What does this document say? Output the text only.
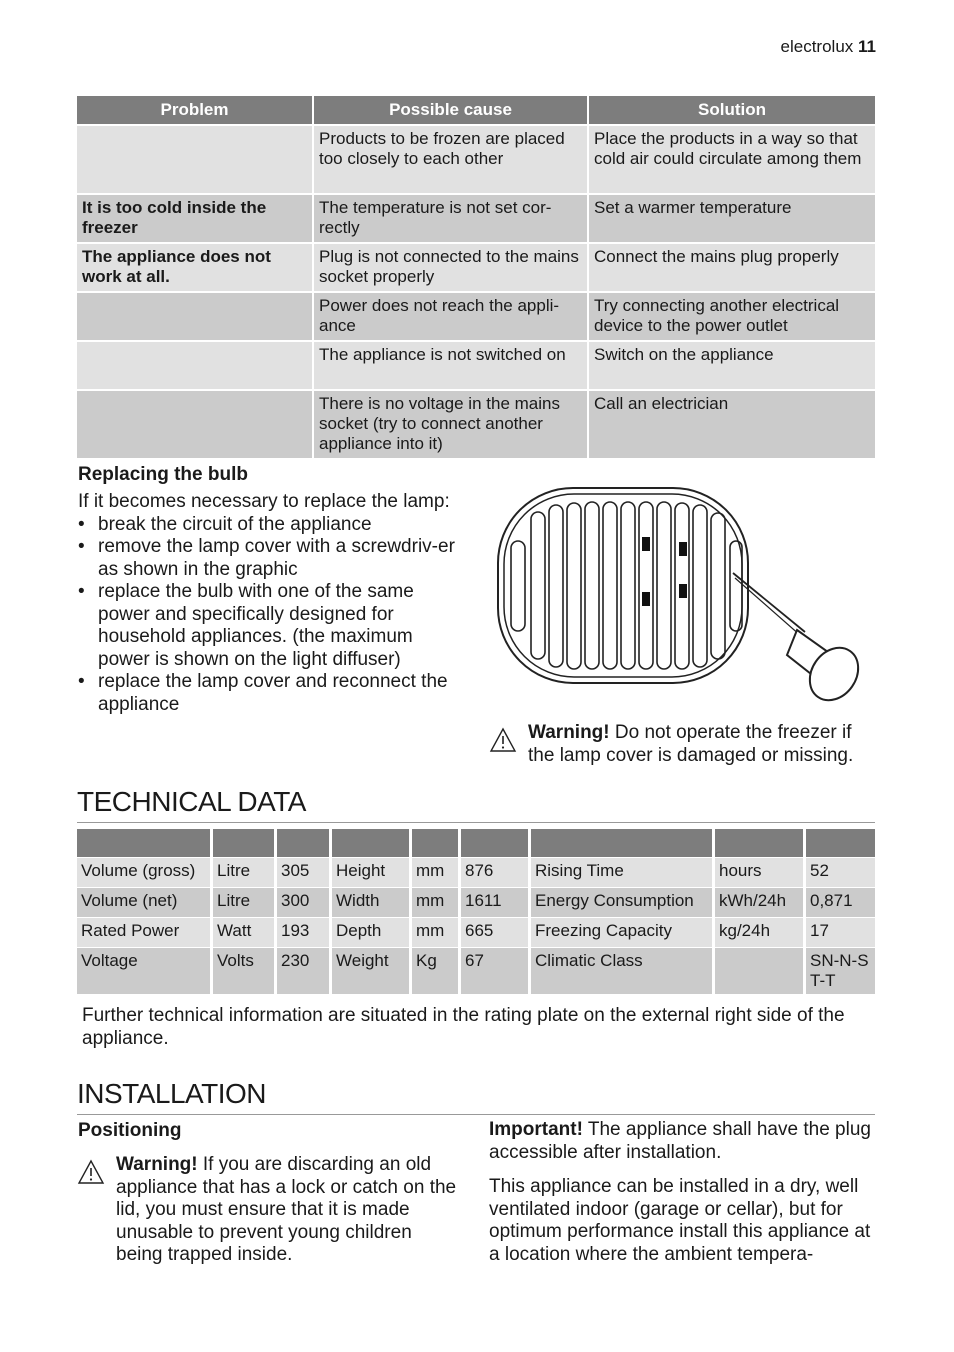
electrolux 11
Problem	Possible cause	Solution
	Products to be frozen are placed too closely to each other	Place the products in a way so that cold air could circulate among them
It is too cold inside the freezer	The temperature is not set cor-rectly	Set a warmer temperature
The appliance does not work at all.	Plug is not connected to the mains socket properly	Connect the mains plug properly
	Power does not reach the appli-ance	Try connecting another electrical device to the power outlet
	The appliance is not switched on	Switch on the appliance
	There is no voltage in the mains socket (try to connect another appliance into it)	Call an electrician
Replacing the bulb
If it becomes necessary to replace the lamp:
• break the circuit of the appliance
• remove the lamp cover with a screwdriv-er as shown in the graphic
• replace the bulb with one of the same power and specifically designed for household appliances. (the maximum power is shown on the light diffuser)
• replace the lamp cover and reconnect the appliance
Warning! Do not operate the freezer if the lamp cover is damaged or missing.
TECHNICAL DATA

Volume (gross)	Litre	305	Height	mm	876	Rising Time	hours	52
Volume (net)	Litre	300	Width	mm	1611	Energy Consumption	kWh/24h	0,871
Rated Power	Watt	193	Depth	mm	665	Freezing Capacity	kg/24h	17
Voltage	Volts	230	Weight	Kg	67	Climatic Class		SN-N-ST-T
Further technical information are situated in the rating plate on the external right side of the appliance.
INSTALLATION
Positioning
Warning! If you are discarding an old appliance that has a lock or catch on the lid, you must ensure that it is made unusable to prevent young children being trapped inside.
Important! The appliance shall have the plug accessible after installation.
This appliance can be installed in a dry, well ventilated indoor (garage or cellar), but for optimum performance install this appliance at a location where the ambient tempera-
